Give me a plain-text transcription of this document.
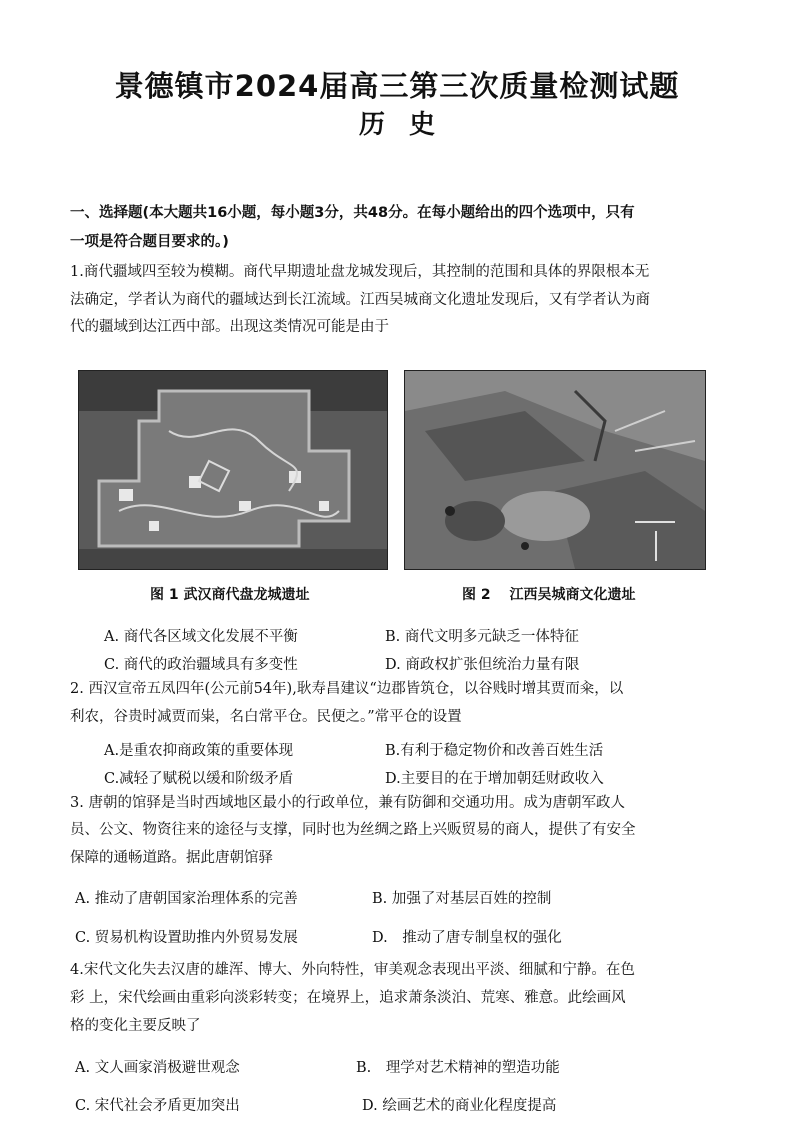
景德镇市2024届高三第三次质量检测试题
历史
一、选择题(本大题共16小题，每小题3分，共48分。在每小题给出的四个选项中，只有
一项是符合题目要求的。)
1.商代疆域四至较为模糊。商代早期遗址盘龙城发现后，其控制的范围和具体的界限根本无
法确定，学者认为商代的疆域达到长江流域。江西吴城商文化遗址发现后，又有学者认为商
代的疆域到达江西中部。出现这类情况可能是由于
图 1 武汉商代盘龙城遗址	图 2　 江西吴城商文化遗址
A. 商代各区域文化发展不平衡	B. 商代文明多元缺乏一体特征
C. 商代的政治疆域具有多变性	D. 商政权扩张但统治力量有限
2. 西汉宣帝五凤四年(公元前54年),耿寿昌建议“边郡皆筑仓，以谷贱时增其贾而籴，以
利农，谷贵时减贾而粜，名白常平仓。民便之。”常平仓的设置
A.是重农抑商政策的重要体现	B.有利于稳定物价和改善百姓生活
C.减轻了赋税以缓和阶级矛盾	D.主要目的在于增加朝廷财政收入
3. 唐朝的馆驿是当时西域地区最小的行政单位，兼有防御和交通功用。成为唐朝军政人
员、公文、物资往来的途径与支撑，同时也为丝绸之路上兴贩贸易的商人，提供了有安全
保障的通畅道路。据此唐朝馆驿
A. 推动了唐朝国家治理体系的完善	B. 加强了对基层百姓的控制
C. 贸易机构设置助推内外贸易发展	D.　推动了唐专制皇权的强化
4.宋代文化失去汉唐的雄浑、博大、外向特性，审美观念表现出平淡、细腻和宁静。在色
彩 上，宋代绘画由重彩向淡彩转变；在境界上，追求萧条淡泊、荒寒、雅意。此绘画风
格的变化主要反映了
A. 文人画家消极避世观念	B.　理学对艺术精神的塑造功能
C. 宋代社会矛盾更加突出	D. 绘画艺术的商业化程度提高
